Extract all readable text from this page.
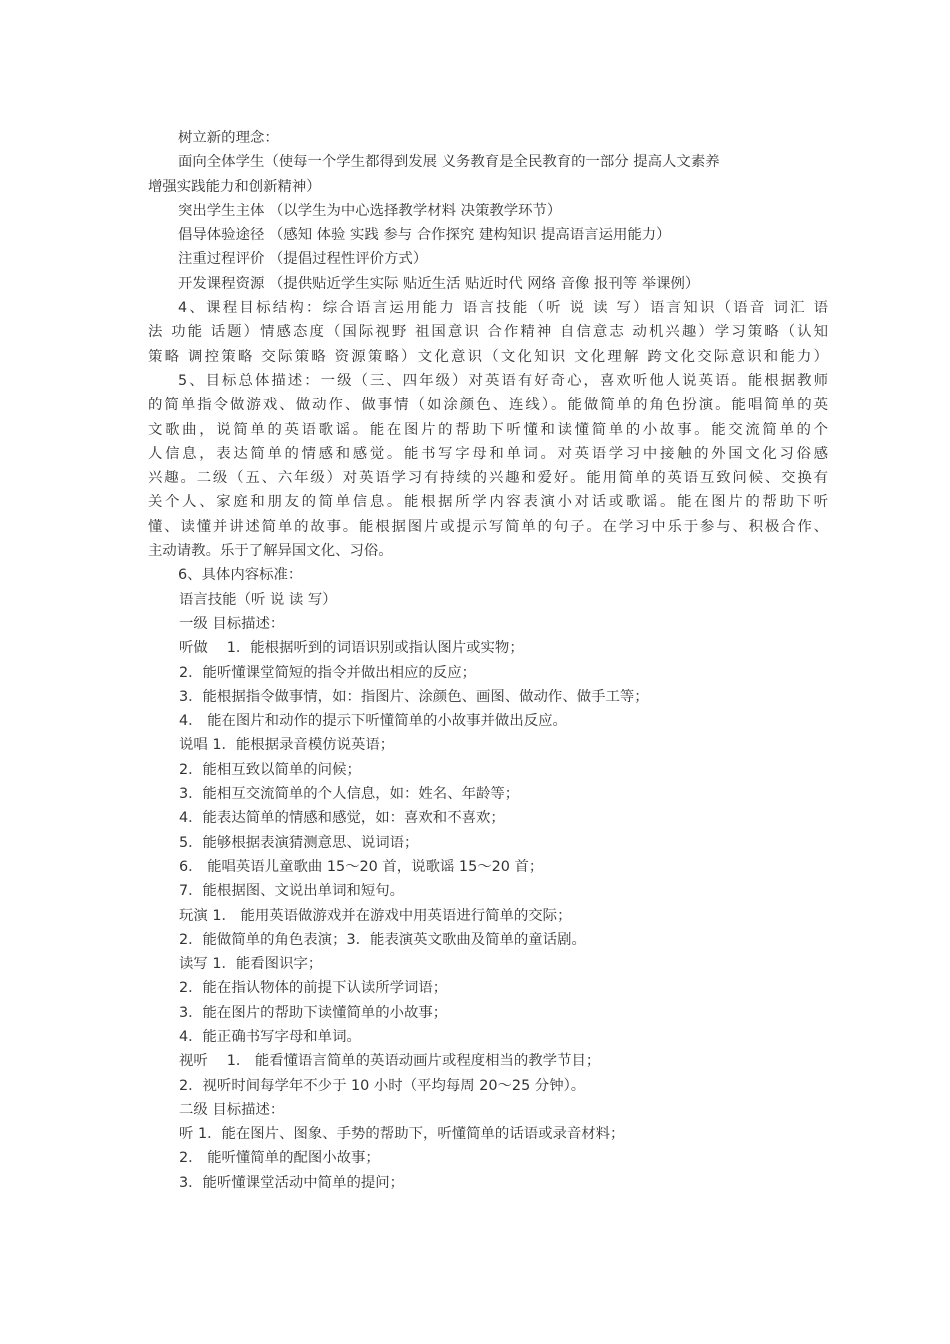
树立新的理念：
面向全体学生（使每一个学生都得到发展 义务教育是全民教育的一部分 提高人文素养
增强实践能力和创新精神）
突出学生主体 （以学生为中心选择教学材料 决策教学环节）
倡导体验途径 （感知 体验 实践 参与 合作探究 建构知识 提高语言运用能力）
注重过程评价 （提倡过程性评价方式）
开发课程资源 （提供贴近学生实际 贴近生活 贴近时代 网络 音像 报刊等 举课例）
4、课程目标结构：综合语言运用能力 语言技能（听 说 读 写）语言知识（语音 词汇 语
法 功能 话题）情感态度（国际视野 祖国意识 合作精神 自信意志 动机兴趣）学习策略（认知
策略 调控策略 交际策略 资源策略）文化意识（文化知识 文化理解 跨文化交际意识和能力）
5、目标总体描述：一级（三、四年级）对英语有好奇心，喜欢听他人说英语。能根据教师
的简单指令做游戏、做动作、做事情（如涂颜色、连线）。能做简单的角色扮演。能唱简单的英
文歌曲，说简单的英语歌谣。能在图片的帮助下听懂和读懂简单的小故事。能交流简单的个
人信息，表达简单的情感和感觉。能书写字母和单词。对英语学习中接触的外国文化习俗感
兴趣。二级（五、六年级）对英语学习有持续的兴趣和爱好。能用简单的英语互致问候、交换有
关个人、家庭和朋友的简单信息。能根据所学内容表演小对话或歌谣。能在图片的帮助下听
懂、读懂并讲述简单的故事。能根据图片或提示写简单的句子。在学习中乐于参与、积极合作、
主动请教。乐于了解异国文化、习俗。
6、具体内容标准：
语言技能（听 说 读 写）
一级 目标描述：
听做 　1．能根据听到的词语识别或指认图片或实物；
2．能听懂课堂简短的指令并做出相应的反应；
3．能根据指令做事情，如：指图片、涂颜色、画图、做动作、做手工等；
4． 能在图片和动作的提示下听懂简单的小故事并做出反应。
说唱 1．能根据录音模仿说英语；
2．能相互致以简单的问候；
3．能相互交流简单的个人信息，如：姓名、年龄等；
4．能表达简单的情感和感觉，如：喜欢和不喜欢；
5．能够根据表演猜测意思、说词语；
6． 能唱英语儿童歌曲 15～20 首，说歌谣 15～20 首；
7．能根据图、文说出单词和短句。
玩演 1． 能用英语做游戏并在游戏中用英语进行简单的交际；
2．能做简单的角色表演；3．能表演英文歌曲及简单的童话剧。
读写 1．能看图识字；
2．能在指认物体的前提下认读所学词语；
3．能在图片的帮助下读懂简单的小故事；
4．能正确书写字母和单词。
视听 　1． 能看懂语言简单的英语动画片或程度相当的教学节目；
2．视听时间每学年不少于 10 小时（平均每周 20～25 分钟）。
二级 目标描述：
听 1．能在图片、图象、手势的帮助下，听懂简单的话语或录音材料；
2． 能听懂简单的配图小故事；
3．能听懂课堂活动中简单的提问；
